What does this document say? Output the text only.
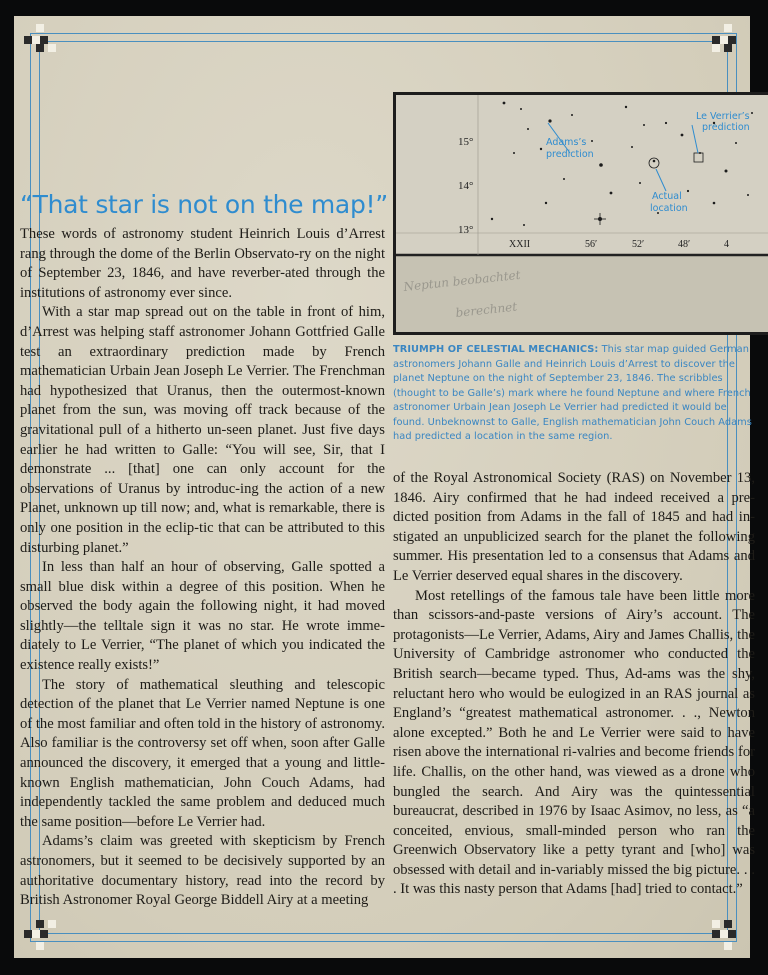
15°
14°
13°
XXII	56′	52′	48′	4
Le Verrier’s
prediction
Adams’s
prediction
Actual
location
Neptun beobachtet
berechnet
TRIUMPH OF CELESTIAL MECHANICS: This star map guided German astronomers Johann Galle and Heinrich Louis d’Arrest to discover the planet Neptune on the night of September 23, 1846. The scribbles (thought to be Galle’s) mark where he found Neptune and where French astronomer Urbain Jean Joseph Le Verrier had predicted it would be found. Unbeknownst to Galle, English mathematician John Couch Adams had predicted a location in the same region.
“That star is not on the map!”

These words of astronomy student Heinrich Louis d’Arrest rang through the dome of the Berlin Observato-ry on the night of September 23, 1846, and have reverber-ated through the institutions of astronomy ever since.

With a star map spread out on the table in front of him, d’Arrest was helping staff astronomer Johann Gottfried Galle test an extraordinary prediction made by French mathematician Urbain Jean Joseph Le Verrier. The Frenchman had hypothesized that Uranus, then the outermost-known planet from the sun, was moving off track because of the gravitational pull of a hitherto un-seen planet. Just five days earlier he had written to Galle: “You will see, Sir, that I demonstrate ... [that] one can only account for the observations of Uranus by introduc-ing the action of a new Planet, unknown up till now; and, what is remarkable, there is only one position in the eclip-tic that can be attributed to this disturbing planet.”

In less than half an hour of observing, Galle spotted a small blue disk within a degree of this position. When he observed the body again the following night, it had moved slightly—the telltale sign it was no star. He wrote imme-diately to Le Verrier, “The planet of which you indicated the existence really exists!”

The story of mathematical sleuthing and telescopic detection of the planet that Le Verrier named Neptune is one of the most familiar and often told in the history of astronomy. Also familiar is the controversy set off when, soon after Galle announced the discovery, it emerged that a young and little-known English mathematician, John Couch Adams, had independently tackled the same problem and deduced much the same position—before Le Verrier had.

Adams’s claim was greeted with skepticism by French astronomers, but it seemed to be decisively supported by an authoritative documentary history, read into the record by British Astronomer Royal George Biddell Airy at a meeting

of the Royal Astronomical Society (RAS) on November 13, 1846. Airy confirmed that he had indeed received a pre-dicted position from Adams in the fall of 1845 and had in-stigated an unpublicized search for the planet the following summer. His presentation led to a consensus that Adams and Le Verrier deserved equal shares in the discovery.

Most retellings of the famous tale have been little more than scissors-and-paste versions of Airy’s account. The protagonists—Le Verrier, Adams, Airy and James Challis, the University of Cambridge astronomer who conducted the British search—became typed. Thus, Ad-ams was the shy, reluctant hero who would be eulogized in an RAS journal as England’s “greatest mathematical astronomer. . ., Newton alone excepted.” Both he and Le Verrier were said to have risen above the international ri-valries and become friends for life. Challis, on the other hand, was viewed as a drone who bungled the search. And Airy was the quintessential bureaucrat, described in 1976 by Isaac Asimov, no less, as “a conceited, envious, small-minded person who ran the Greenwich Observatory like a petty tyrant and [who] was obsessed with detail and in-variably missed the big picture. . . . It was this nasty person that Adams [had] tried to contact.”
